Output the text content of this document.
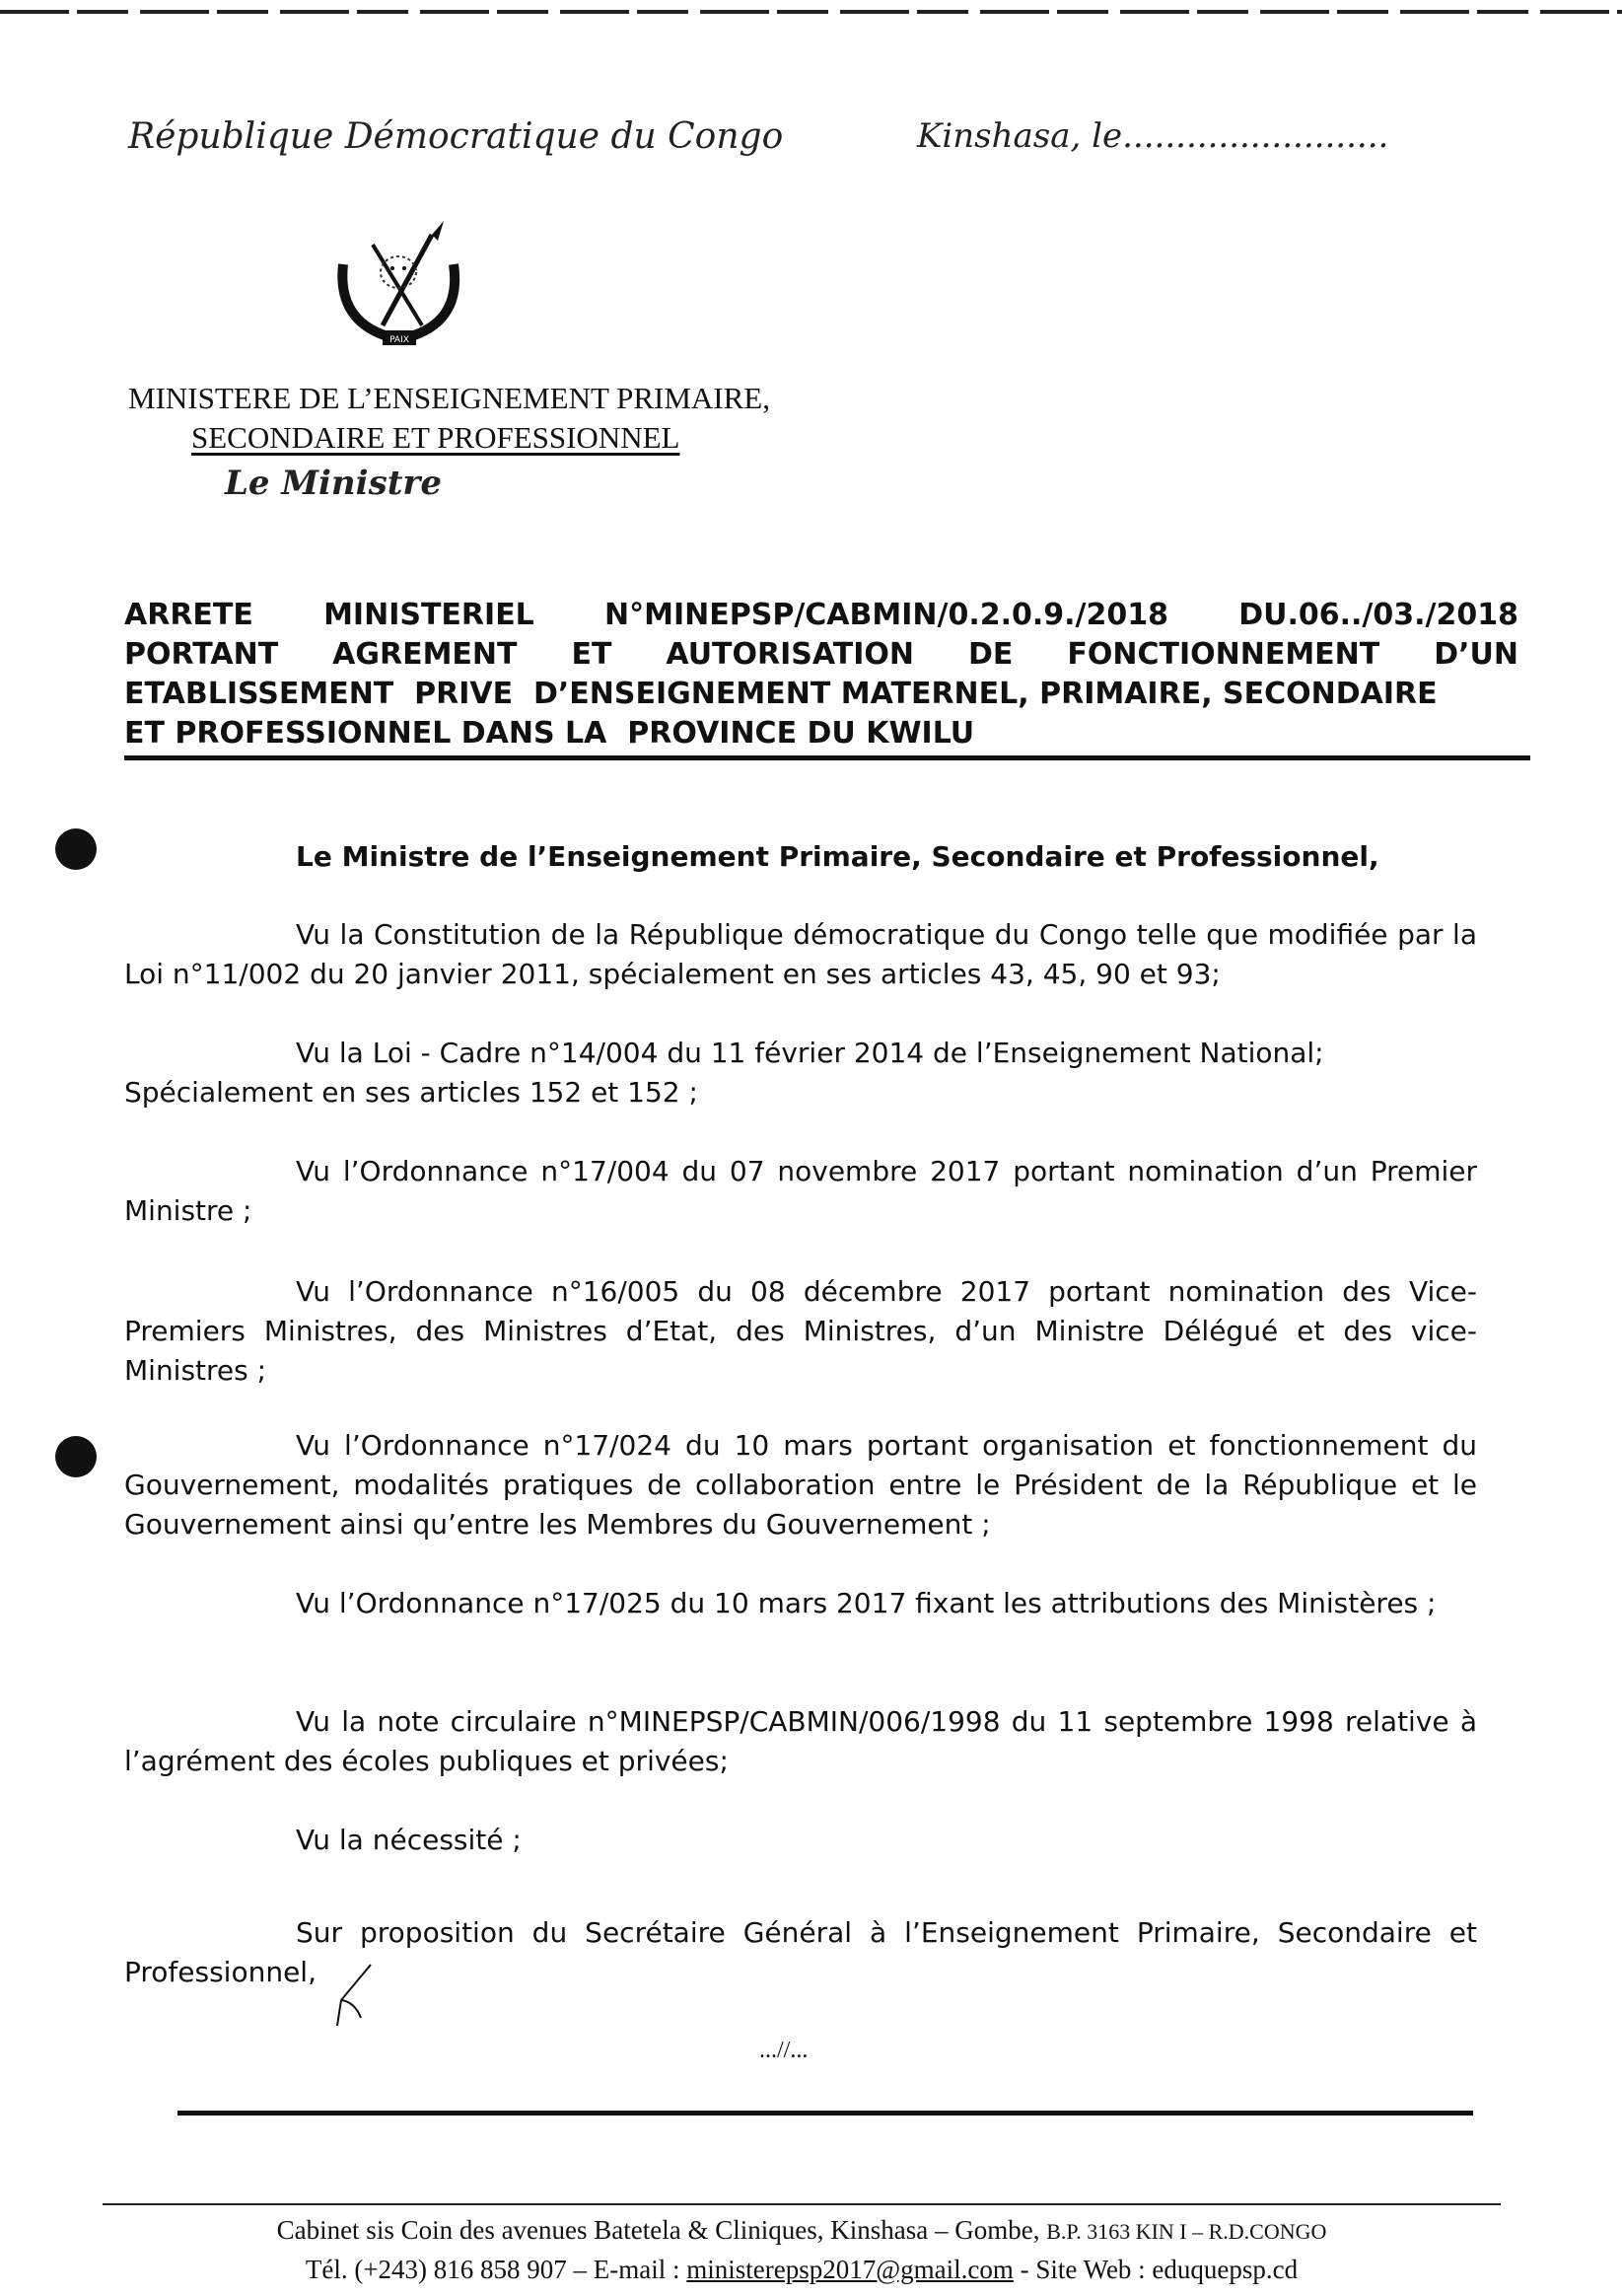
République Démocratique du Congo	Kinshasa, le.........................
PAIX
MINISTERE DE L’ENSEIGNEMENT PRIMAIRE,
SECONDAIRE ET PROFESSIONNEL
Le Ministre
ARRETE MINISTERIEL N°MINEPSP/CABMIN/0.2.0.9./2018 DU.06../03./2018
PORTANT AGREMENT ET AUTORISATION DE FONCTIONNEMENT D’UN
ETABLISSEMENT  PRIVE  D’ENSEIGNEMENT MATERNEL, PRIMAIRE, SECONDAIRE
ET PROFESSIONNEL DANS LA  PROVINCE DU KWILU
Le Ministre de l’Enseignement Primaire, Secondaire et Professionnel,

Vu la Constitution de la République démocratique du Congo telle que modifiée par la Loi n°11/002 du 20 janvier 2011, spécialement en ses articles 43, 45, 90 et 93;

Vu la Loi - Cadre n°14/004 du 11 février 2014 de l’Enseignement National;

Spécialement en ses articles 152 et 152 ;

Vu l’Ordonnance n°17/004 du 07 novembre 2017 portant nomination d’un Premier Ministre ;

Vu l’Ordonnance n°16/005 du 08 décembre 2017 portant nomination des Vice-Premiers Ministres, des Ministres d’Etat, des Ministres, d’un Ministre Délégué et des vice-Ministres ;

Vu l’Ordonnance n°17/024 du 10 mars portant organisation et fonctionnement du Gouvernement, modalités pratiques de collaboration entre le Président de la République et le Gouvernement ainsi qu’entre les Membres du Gouvernement ;

Vu l’Ordonnance n°17/025 du 10 mars 2017 fixant les attributions des Ministères ;

Vu la note circulaire n°MINEPSP/CABMIN/006/1998 du 11 septembre 1998 relative à l’agrément des écoles publiques et privées;

Vu la nécessité ;

Sur proposition du Secrétaire Général à l’Enseignement Primaire, Secondaire et Professionnel,

...//...
Cabinet sis Coin des avenues Batetela & Cliniques, Kinshasa – Gombe, B.P. 3163 KIN I – R.D.CONGO
Tél. (+243) 816 858 907 – E-mail : ministerepsp2017@gmail.com - Site Web : eduquepsp.cd
